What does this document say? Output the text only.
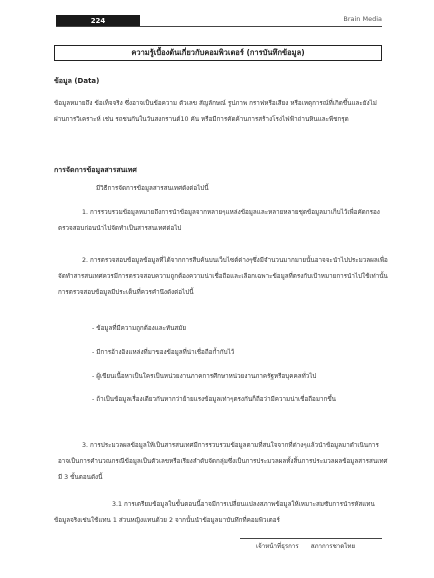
224	Brain Media
ความรู้เบื้องต้นเกี่ยวกับคอมพิวเตอร์ (การบันทึกข้อมูล)
ข้อมูล (Data)
ข้อมูลหมายถึง ข้อเท็จจริง ซึ่งอาจเป็นข้อความ ตัวเลข สัญลักษณ์ รูปภาพ กราฟหรือเสียง หรือเหตุการณ์ที่เกิดขึ้นและยังไม่ผ่านการวิเคราะห์ เช่น รถชนกันในวันสงกรานต์10 คัน หรือมีการคัดค้านการสร้างโรงไฟฟ้าถ่านหินและพืชกรุด
การจัดการข้อมูลสารสนเทศ
มีวิธีการจัดการข้อมูลสารสนเทศดังต่อไปนี้
1. การรวบรวมข้อมูลหมายถึงการนำข้อมูลจากหลายๆแหล่งข้อมูลและหลายหลายชุดข้อมูลมาเก็บไว้เพื่อคัดกรองตรวจสอบก่อนนำไปจัดทำเป็นสารสนเทศต่อไป
2. การตรวจสอบข้อมูลข้อมูลที่ได้จากการสืบค้นบนเว็บไซต์ต่างๆซึ่งมีจำนวนมากมายนั้นอาจจะนำไปประมวลผลเพื่อจัดทำสารสนเทศควรมีการตรวจสอบความถูกต้องความน่าเชื่อถือและเลือกเฉพาะข้อมูลที่ตรงกับเป้าหมายการนำไปใช้เท่านั้นการตรวจสอบข้อมูลมีประเด็นที่ควรคำนึงดังต่อไปนี้
- ข้อมูลที่มีความถูกต้องและทันสมัย
- มีการอ้างอิงแหล่งที่มาของข้อมูลที่น่าเชื่อถือก้ำกับไว้
- ผู้เขียนเนื้อหาเป็นใครเป็นหน่วยงานภาคการศึกษาหน่วยงานภาครัฐหรือบุคคลทั่วไป
- ถ้าเป็นข้อมูลเรื่องเดียวกันหากว่าย้ายแรงข้อมูลเท่าๆตรงกันก็ถือว่ามีความน่าเชื่อถือมากขึ้น
3. การประมวลผลข้อมูลให้เป็นสารสนเทศมีการรวบรวมข้อมูลตามที่สนใจจากที่ต่างๆแล้วนำข้อมูลมาดำเนินการอาจเป็นการคำนวณกรณีข้อมูลเป็นตัวเลขหรือเรียงลำดับจัดกลุ่มซึ่งเป็นการประมวลผลทั้งสิ้นการประมวลผลข้อมูลสารสนเทศมี 3 ขั้นตอนดังนี้
3.1 การเตรียมข้อมูลในขั้นตอนนี้อาจมีการเปลี่ยนแปลงสภาพข้อมูลให้เหมาะสมซับการนำรหัสแทนข้อมูลจริงเช่นใช้แทน 1 ส่วนหญิงแทนด้วย 2 จากนั้นนำข้อมูลมาบันทึกที่คอมพิวเตอร์
เจ้าหน้าที่ธุรการ สภาการชาดไทย
